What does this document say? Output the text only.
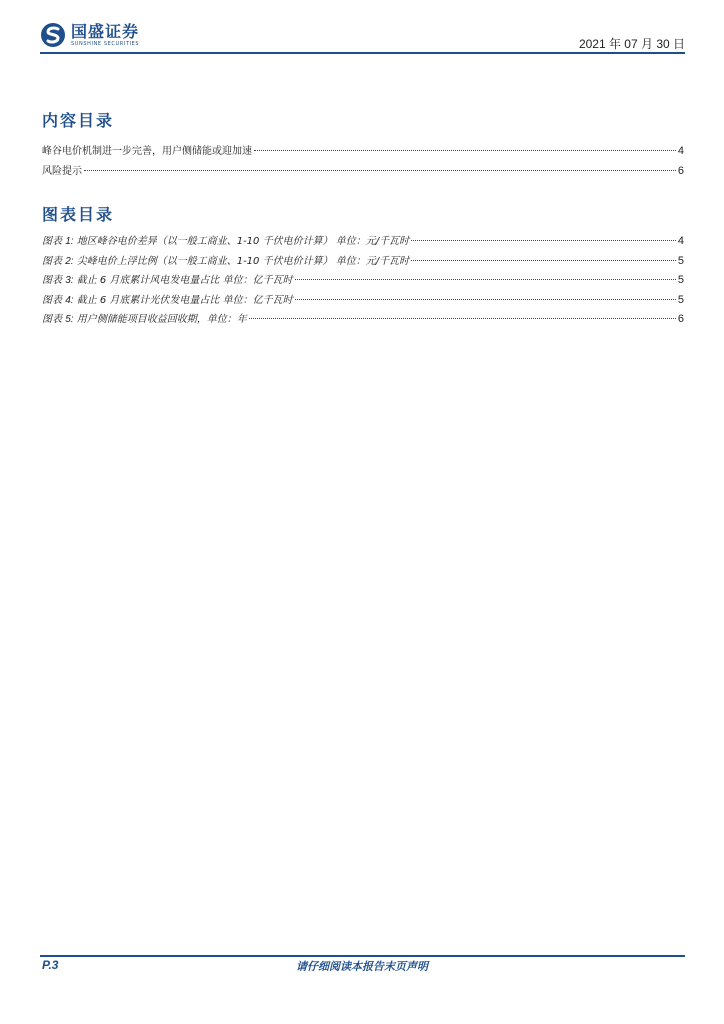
国盛证券
SUNSHINE SECURITIES	2021 年 07 月 30 日
内容目录
峰谷电价机制进一步完善，用户侧储能或迎加速	4
风险提示	6
图表目录
图表 1: 地区峰谷电价差异（以一般工商业、1-10 千伏电价计算） 单位：元/千瓦时	4
图表 2: 尖峰电价上浮比例（以一般工商业、1-10 千伏电价计算） 单位：元/千瓦时	5
图表 3: 截止 6 月底累计风电发电量占比 单位：亿千瓦时	5
图表 4: 截止 6 月底累计光伏发电量占比 单位：亿千瓦时	5
图表 5: 用户侧储能项目收益回收期，单位：年	6
P.3	请仔细阅读本报告末页声明
